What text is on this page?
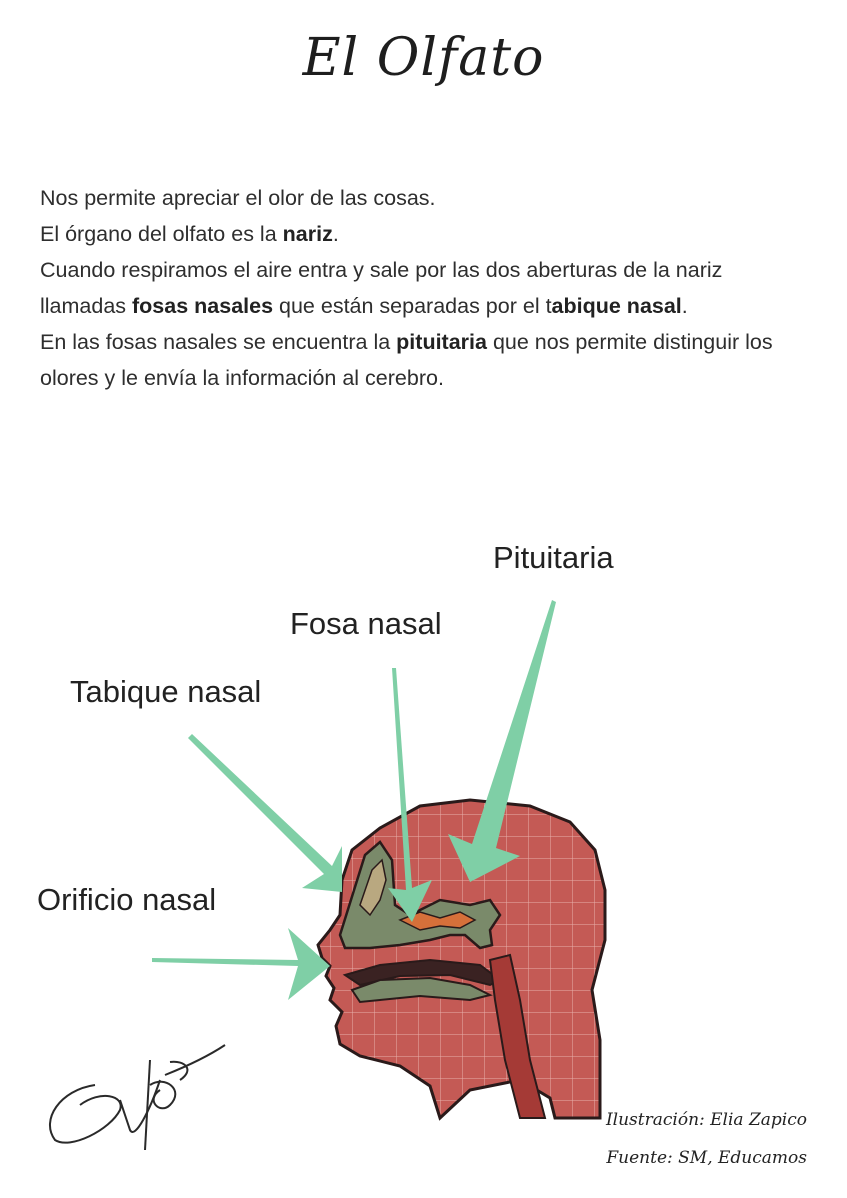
El Olfato

Nos permite apreciar el olor de las cosas.

El órgano del olfato es la nariz.

Cuando respiramos el aire entra y sale por las dos aberturas de la nariz llamadas fosas nasales que están separadas por el tabique nasal.

En las fosas nasales se encuentra la pituitaria que nos permite distinguir los olores y le envía la información al cerebro.

Pituitaria
Fosa nasal
Tabique nasal
Orificio nasal
Ilustración: Elia Zapico
Fuente: SM, Educamos
